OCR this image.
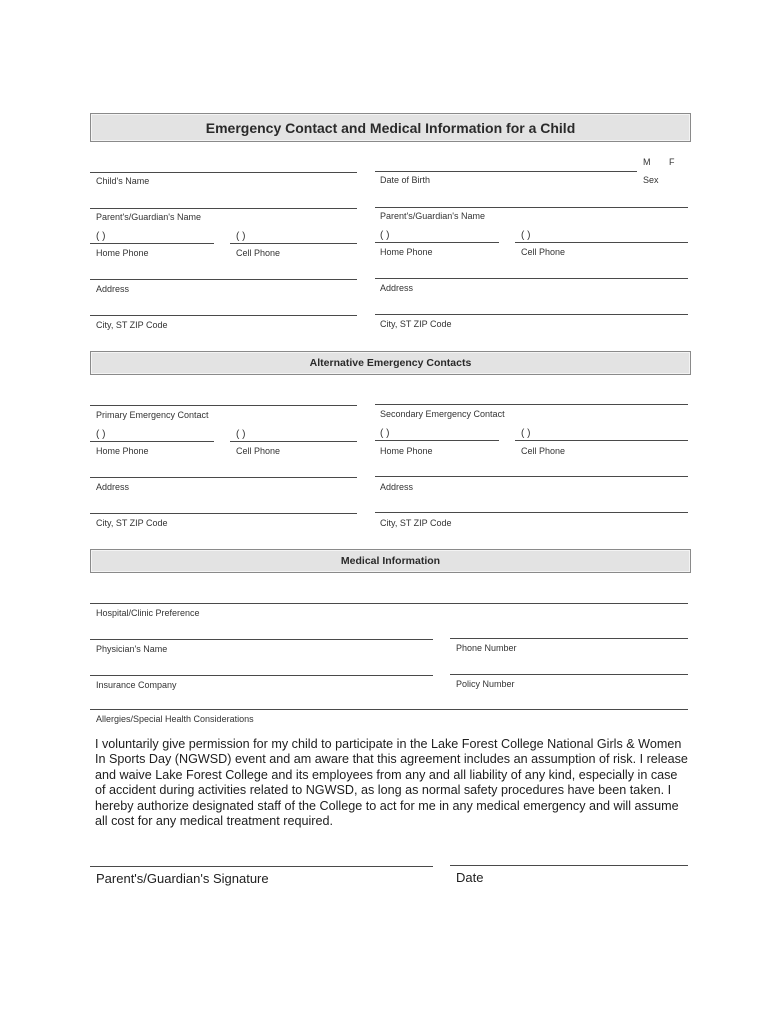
Emergency Contact and Medical Information for a Child
M F
Child's Name	Date of Birth	Sex
Parent's/Guardian's Name	Parent's/Guardian's Name
( )	( )	( )	( )
Home Phone	Cell Phone	Home Phone	Cell Phone
Address	Address
City, ST ZIP Code	City, ST ZIP Code
Alternative Emergency Contacts
Primary Emergency Contact	Secondary Emergency Contact
( )	( )	( )	( )
Home Phone	Cell Phone	Home Phone	Cell Phone
Address	Address
City, ST ZIP Code	City, ST ZIP Code
Medical Information
Hospital/Clinic Preference
Physician's Name	Phone Number
Insurance Company	Policy Number
Allergies/Special Health Considerations
I voluntarily give permission for my child to participate in the Lake Forest College National Girls & Women In Sports Day (NGWSD) event and am aware that this agreement includes an assumption of risk. I release and waive Lake Forest College and its employees from any and all liability of any kind, especially in case of accident during activities related to NGWSD, as long as normal safety procedures have been taken. I hereby authorize designated staff of the College to act for me in any medical emergency and will assume all cost for any medical treatment required.
Parent's/Guardian's Signature	Date
